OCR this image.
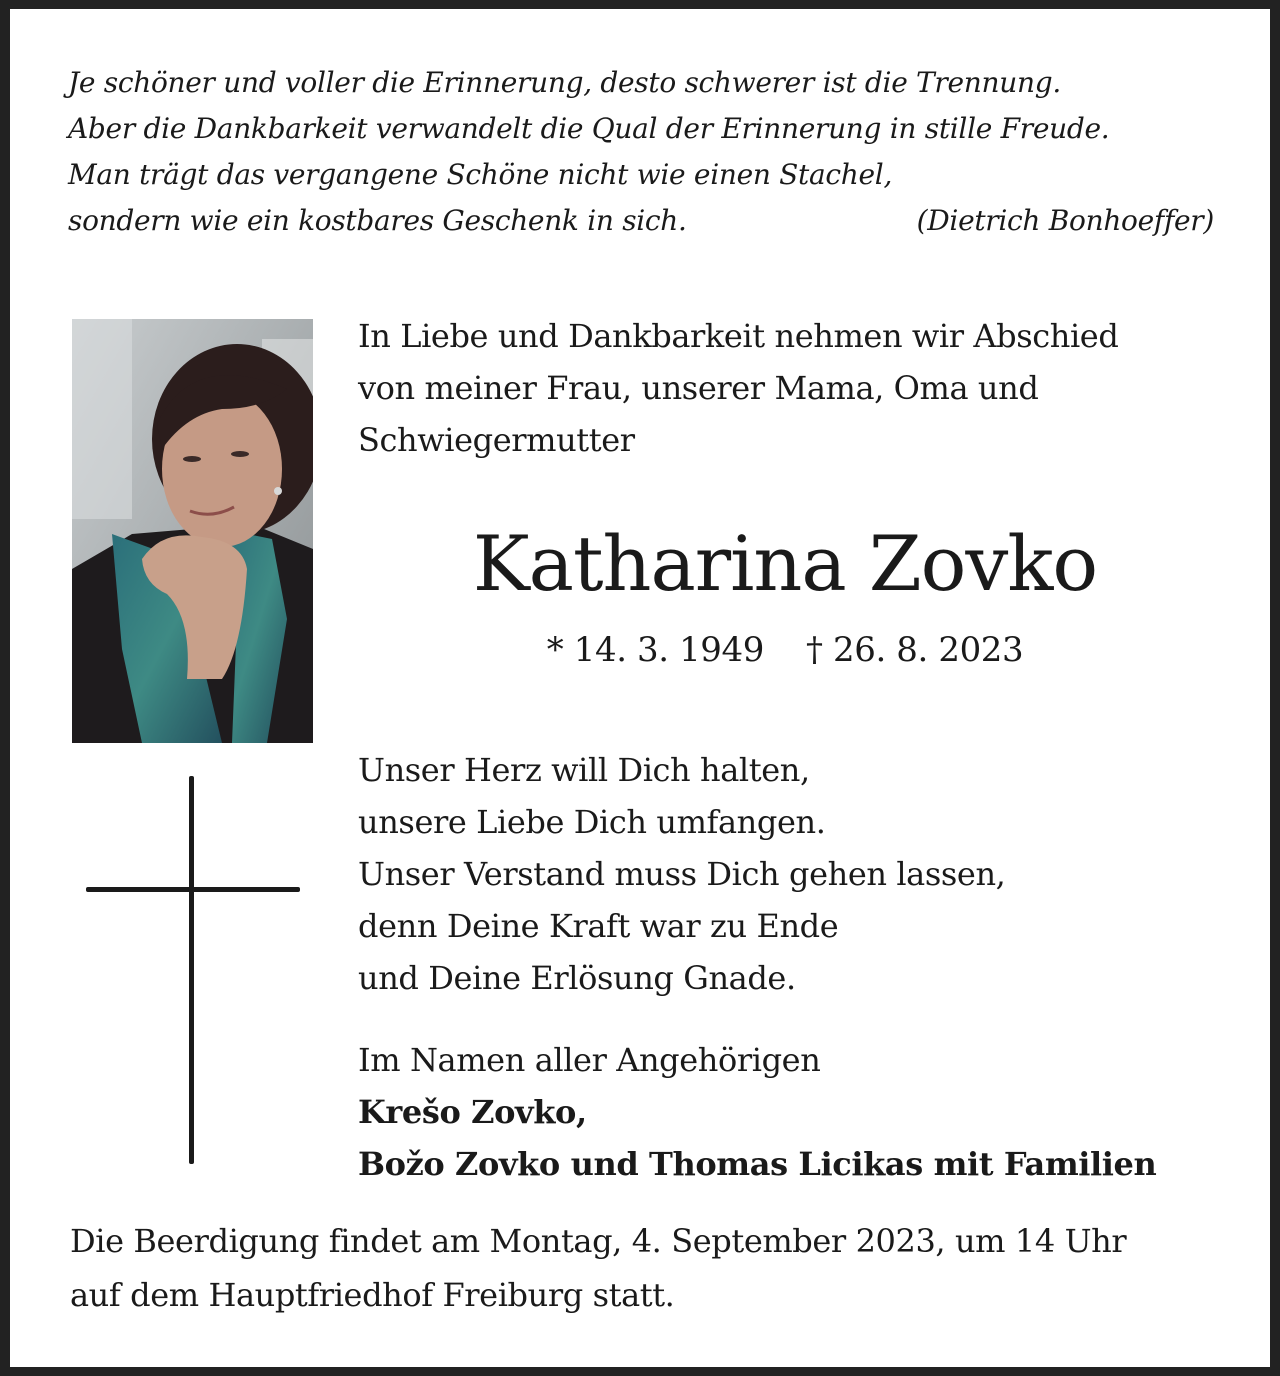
Je schöner und voller die Erinnerung, desto schwerer ist die Trennung.
Aber die Dankbarkeit verwandelt die Qual der Erinnerung in stille Freude.
Man trägt das vergangene Schöne nicht wie einen Stachel,
sondern wie ein kostbares Geschenk in sich.	(Dietrich Bonhoeffer)
In Liebe und Dankbarkeit nehmen wir Abschied
von meiner Frau, unserer Mama, Oma und
Schwiegermutter
Katharina Zovko
* 14. 3. 1949 † 26. 8. 2023
Unser Herz will Dich halten,
unsere Liebe Dich umfangen.
Unser Verstand muss Dich gehen lassen,
denn Deine Kraft war zu Ende
und Deine Erlösung Gnade.
Im Namen aller Angehörigen
Krešo Zovko,
Božo Zovko und Thomas Licikas mit Familien
Die Beerdigung findet am Montag, 4. September 2023, um 14 Uhr
auf dem Hauptfriedhof Freiburg statt.
